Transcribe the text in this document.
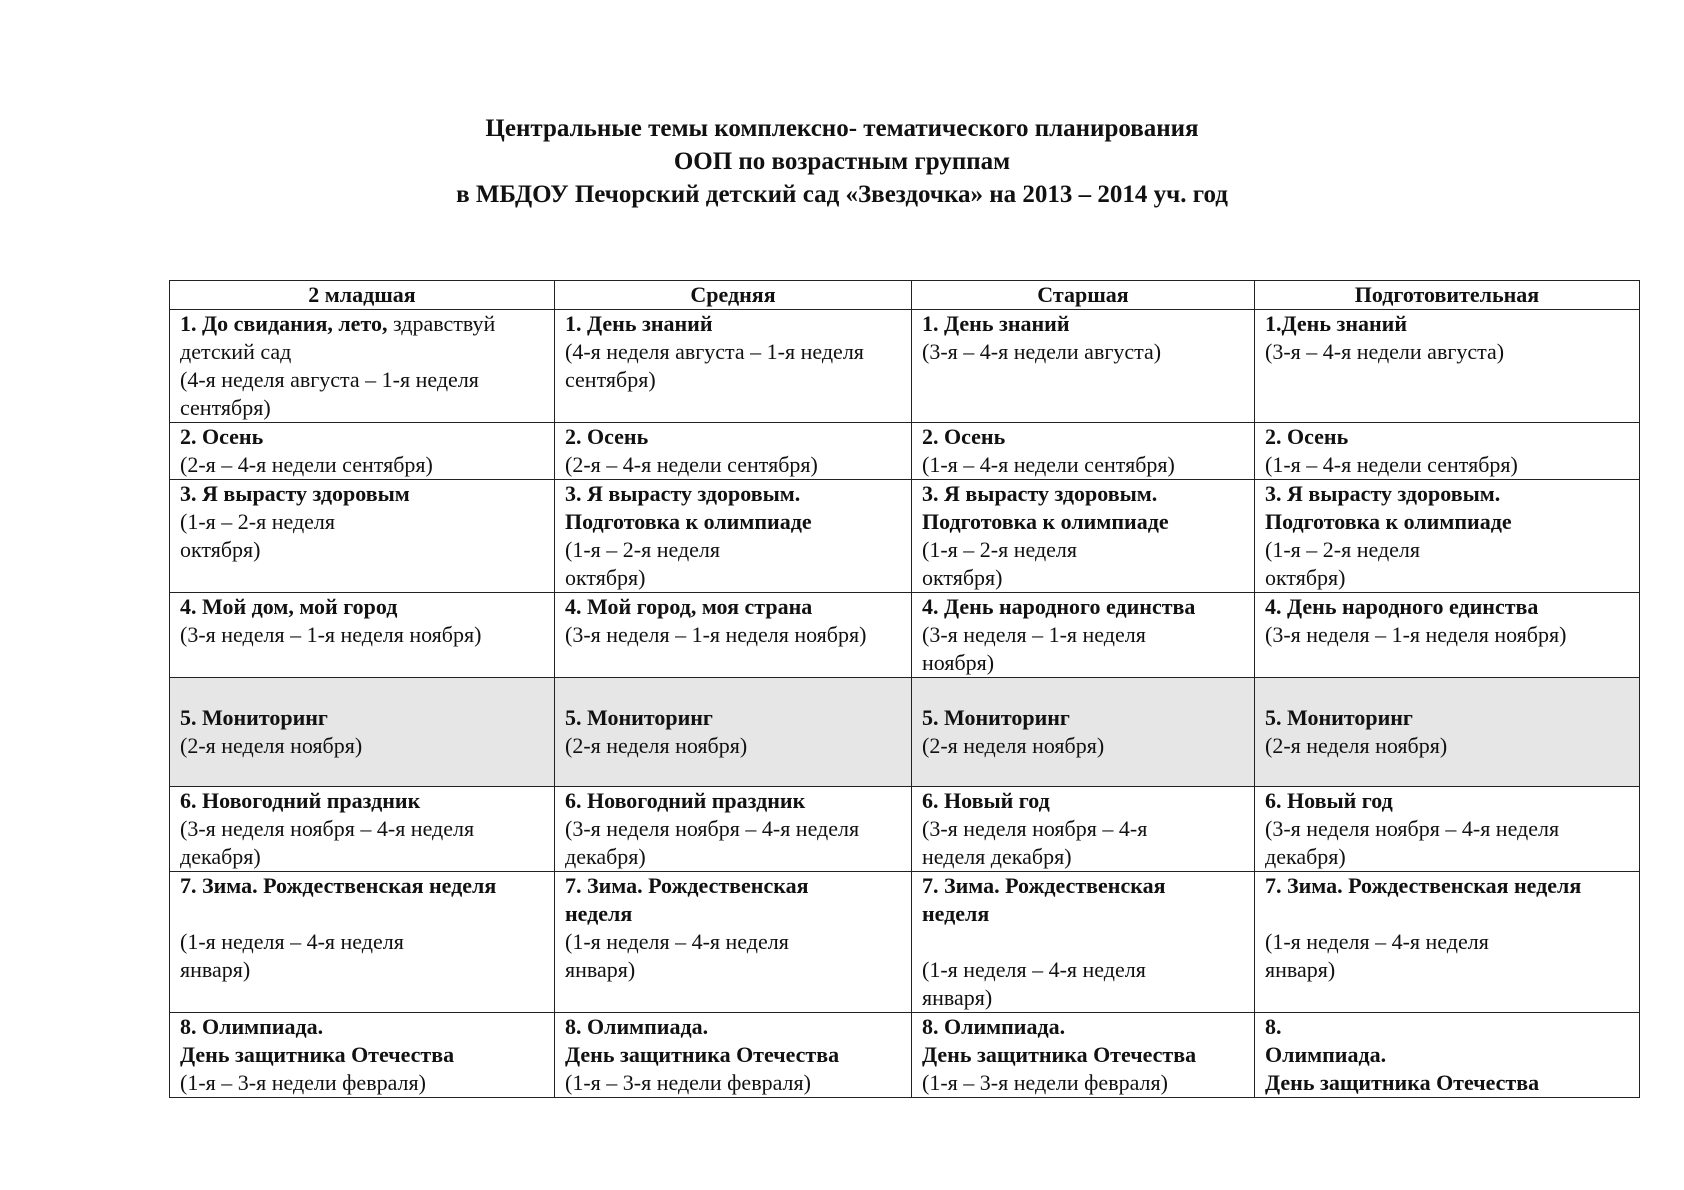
Центральные темы комплексно- тематического планирования
ООП по возрастным группам
в МБДОУ Печорский детский сад «Звездочка» на 2013 – 2014 уч. год
2 младшая	Средняя	Старшая	Подготовительная

1. До свидания, лето, здравствуй
детский сад
(4-я неделя августа – 1-я неделя
сентября)	1. День знаний
(4-я неделя августа – 1-я неделя
сентября)	1. День знаний
(3-я – 4-я недели августа)	1.День знаний
(3-я – 4-я недели августа)

2. Осень
(2-я – 4-я недели сентября)	2. Осень
(2-я – 4-я недели сентября)	2. Осень
(1-я – 4-я недели сентября)	2. Осень
(1-я – 4-я недели сентября)

3. Я вырасту здоровым
(1-я – 2-я неделя
октября)	3. Я вырасту здоровым.
Подготовка к олимпиаде
(1-я – 2-я неделя
октября)	3. Я вырасту здоровым.
Подготовка к олимпиаде
(1-я – 2-я неделя
октября)	3. Я вырасту здоровым.
Подготовка к олимпиаде
(1-я – 2-я неделя
октября)

4. Мой дом, мой город
(3-я неделя – 1-я неделя ноября)	4. Мой город, моя страна
(3-я неделя – 1-я неделя ноября)	4. День народного единства
(3-я неделя – 1-я неделя
ноября)	4. День народного единства
(3-я неделя – 1-я неделя ноября)

5. Мониторинг
(2-я неделя ноября)	5. Мониторинг
(2-я неделя ноября)	5. Мониторинг
(2-я неделя ноября)	5. Мониторинг
(2-я неделя ноября)

6. Новогодний праздник
(3-я неделя ноября – 4-я неделя
декабря)	6. Новогодний праздник
(3-я неделя ноября – 4-я неделя
декабря)	6. Новый год
(3-я неделя ноября – 4-я
неделя декабря)	6. Новый год
(3-я неделя ноября – 4-я неделя
декабря)

7. Зима. Рождественская неделя

(1-я неделя – 4-я неделя
января)	7. Зима. Рождественская
неделя
(1-я неделя – 4-я неделя
января)	7. Зима. Рождественская
неделя

(1-я неделя – 4-я неделя
января)	7. Зима. Рождественская неделя

(1-я неделя – 4-я неделя
января)

8. Олимпиада.
День защитника Отечества
(1-я – 3-я недели февраля)	8. Олимпиада.
День защитника Отечества
(1-я – 3-я недели февраля)	8. Олимпиада.
День защитника Отечества
(1-я – 3-я недели февраля)	8.
Олимпиада.
День защитника Отечества
